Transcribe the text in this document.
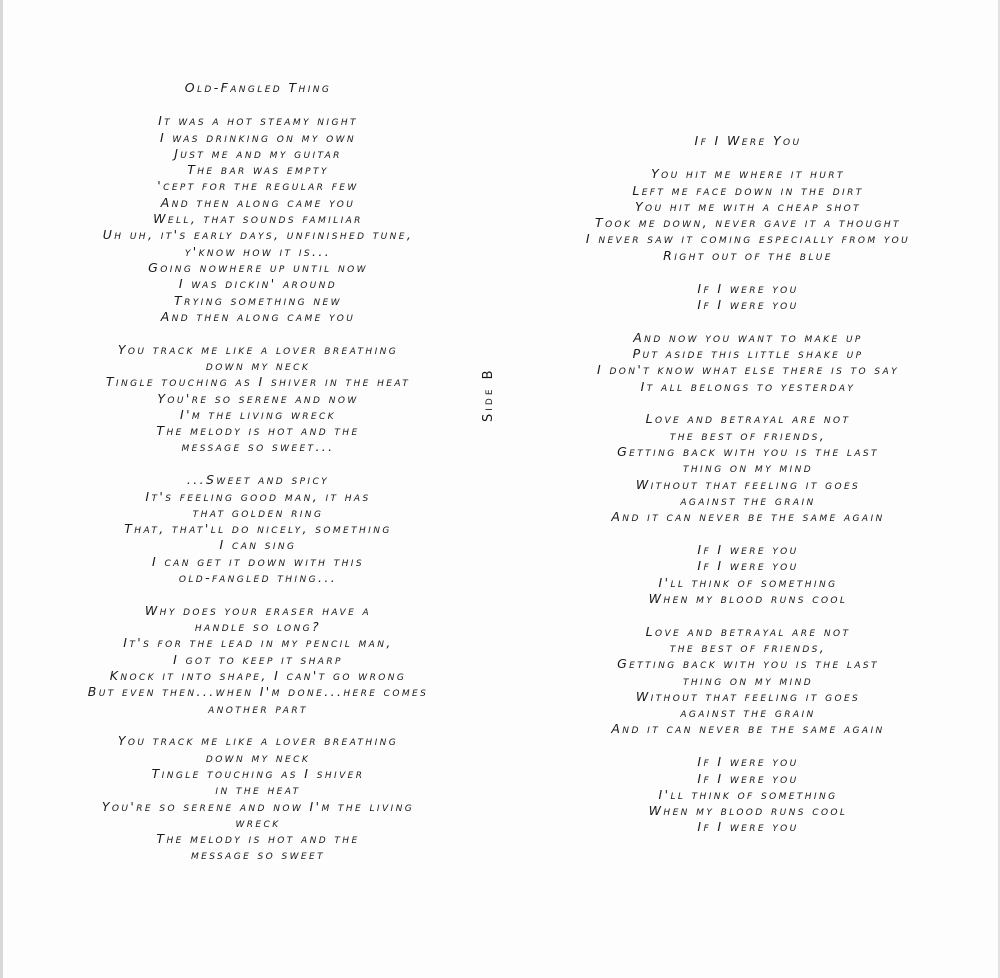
Old-Fangled Thing
It was a hot steamy night
I was drinking on my own
Just me and my guitar
The bar was empty
'cept for the regular few
And then along came you
Well, that sounds familiar
Uh uh, it's early days, unfinished tune,
y'know how it is...
Going nowhere up until now
I was dickin' around
Trying something new
And then along came you
You track me like a lover breathing
down my neck
Tingle touching as I shiver in the heat
You're so serene and now
I'm the living wreck
The melody is hot and the
message so sweet...
...Sweet and spicy
It's feeling good man, it has
that golden ring
That, that'll do nicely, something
I can sing
I can get it down with this
old-fangled thing...
Why does your eraser have a
handle so long?
It's for the lead in my pencil man,
I got to keep it sharp
Knock it into shape, I can't go wrong
But even then...when I'm done...here comes
another part
You track me like a lover breathing
down my neck
Tingle touching as I shiver
in the heat
You're so serene and now I'm the living
wreck
The melody is hot and the
message so sweet
Side B
If I Were You
You hit me where it hurt
Left me face down in the dirt
You hit me with a cheap shot
Took me down, never gave it a thought
I never saw it coming especially from you
Right out of the blue
If I were you
If I were you
And now you want to make up
Put aside this little shake up
I don't know what else there is to say
It all belongs to yesterday
Love and betrayal are not
the best of friends,
Getting back with you is the last
thing on my mind
Without that feeling it goes
against the grain
And it can never be the same again
If I were you
If I were you
I'll think of something
When my blood runs cool
Love and betrayal are not
the best of friends,
Getting back with you is the last
thing on my mind
Without that feeling it goes
against the grain
And it can never be the same again
If I were you
If I were you
I'll think of something
When my blood runs cool
If I were you
